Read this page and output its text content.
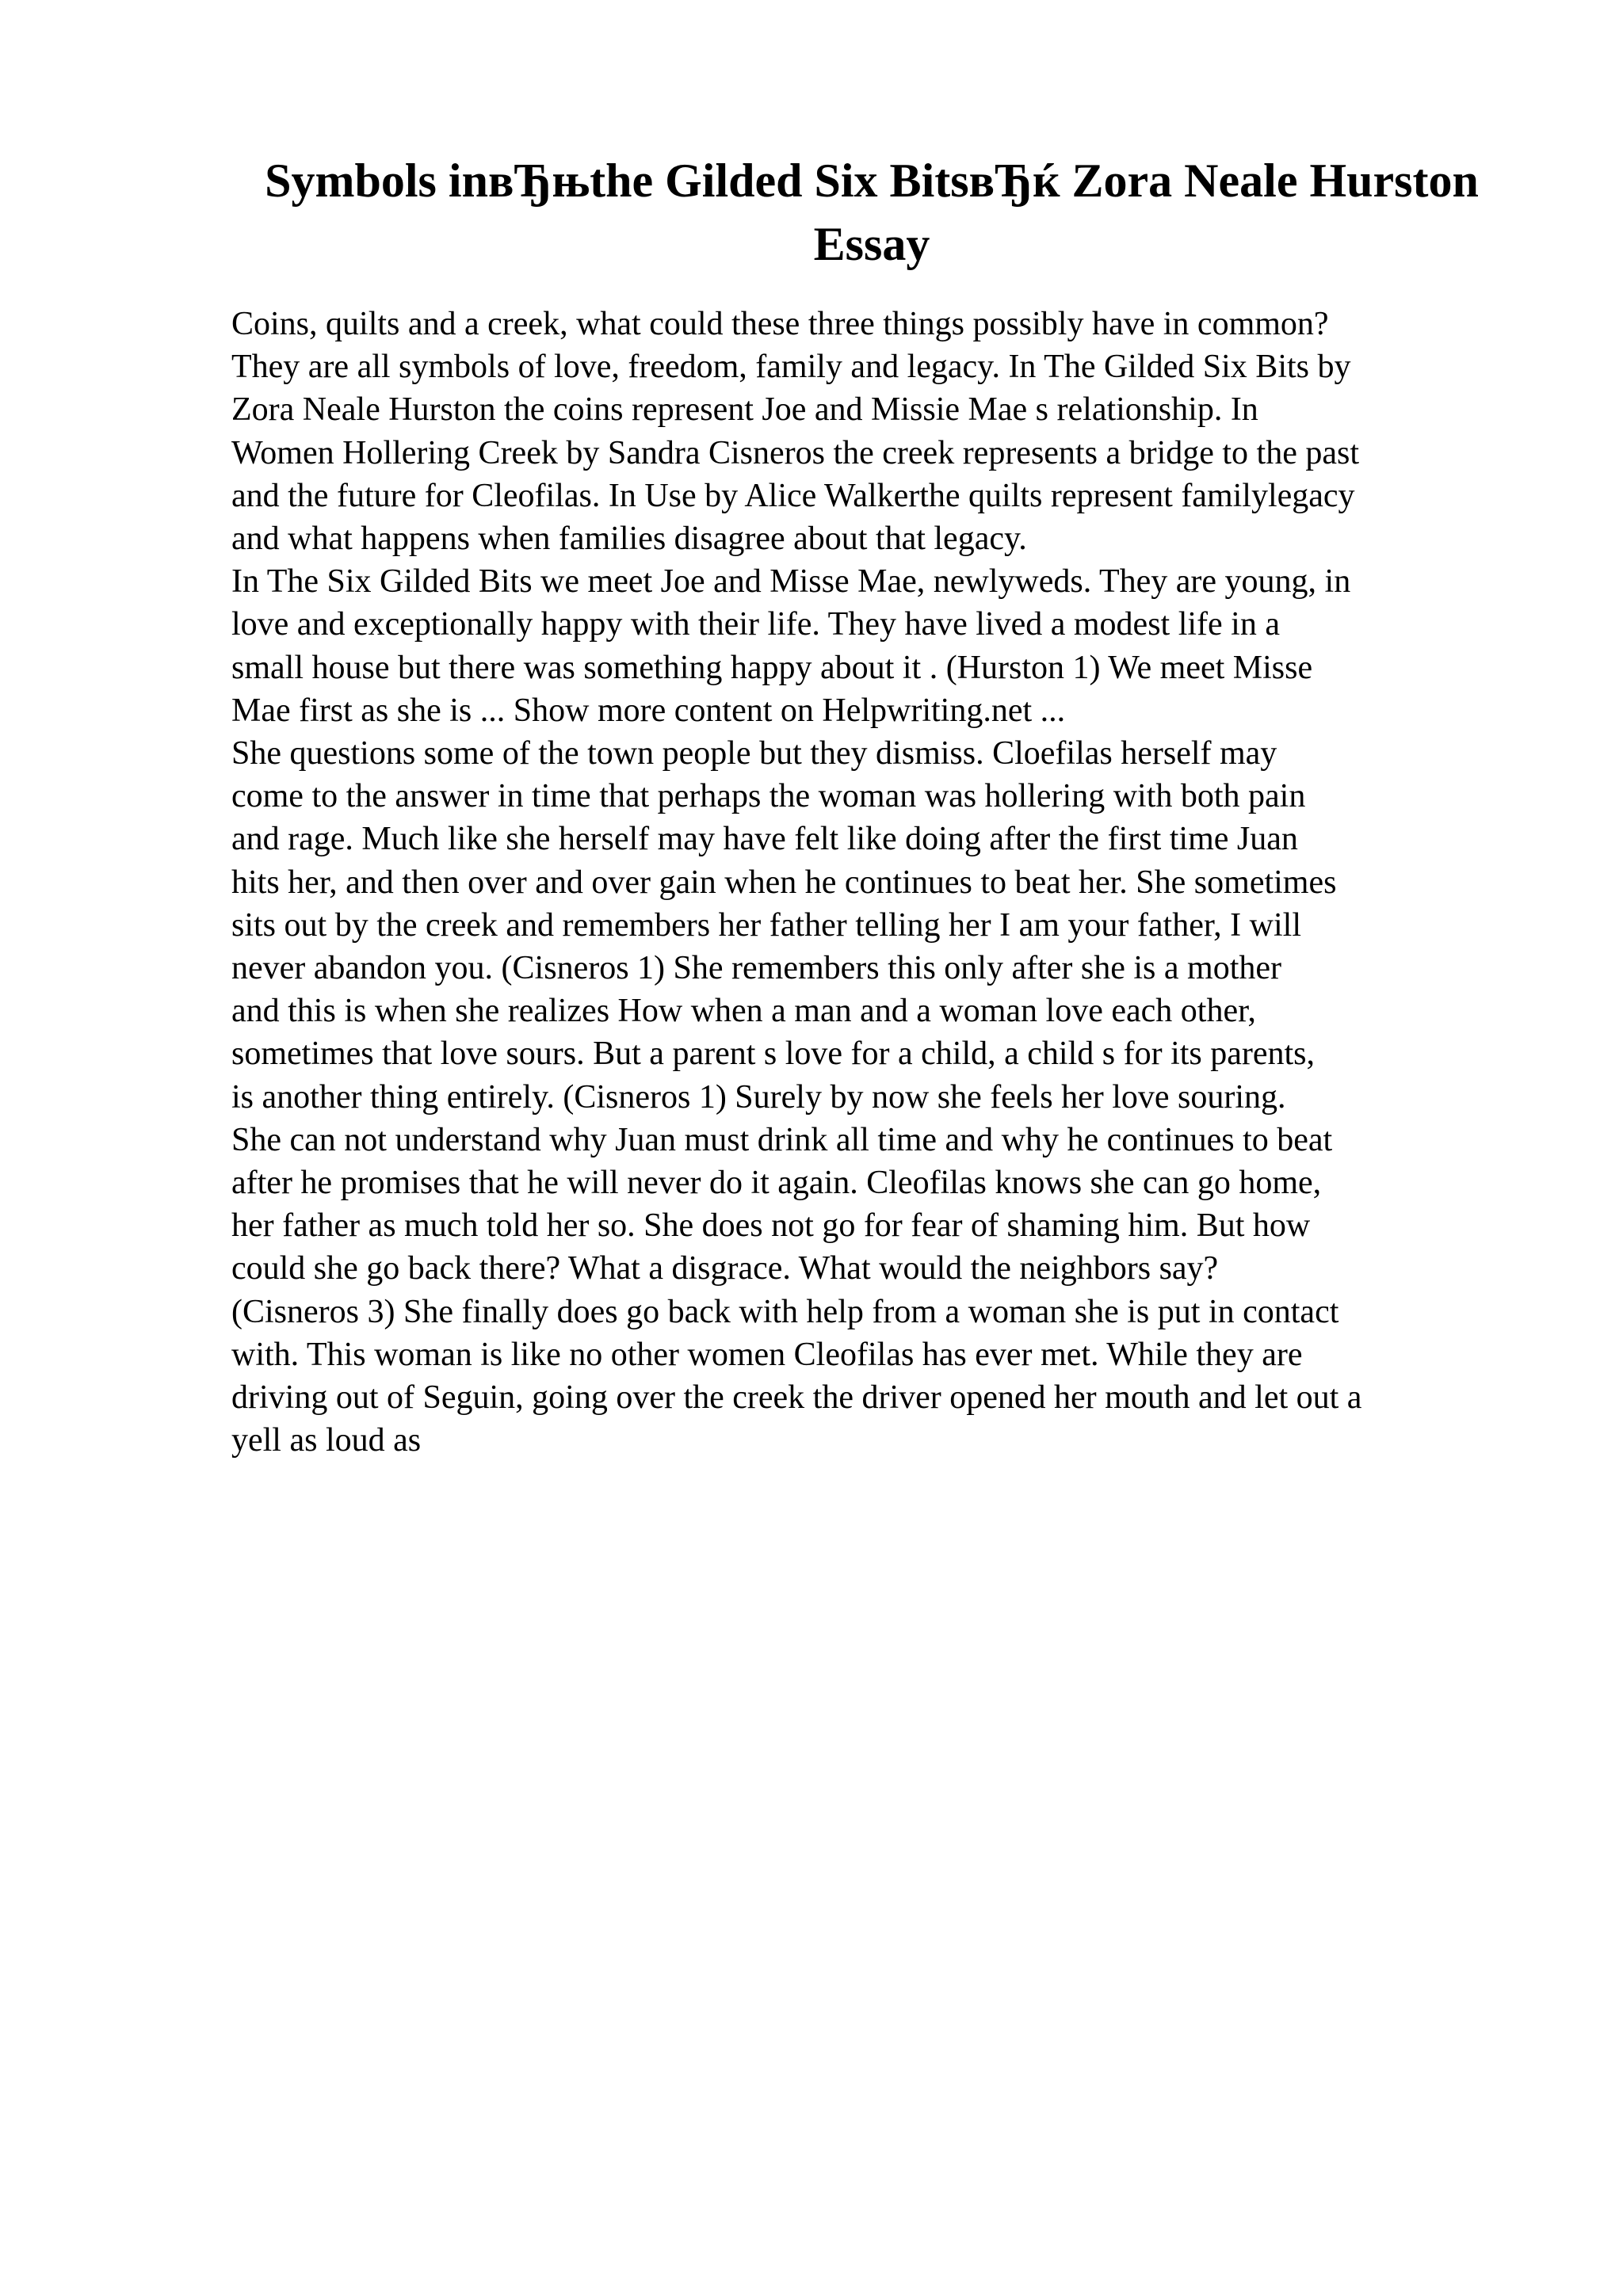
Symbols inвЂњthe Gilded Six BitsвЂќ Zora Neale Hurston
Essay
Coins, quilts and a creek, what could these three things possibly have in common?
They are all symbols of love, freedom, family and legacy. In The Gilded Six Bits by
Zora Neale Hurston the coins represent Joe and Missie Mae s relationship. In
Women Hollering Creek by Sandra Cisneros the creek represents a bridge to the past
and the future for Cleofilas. In Use by Alice Walkerthe quilts represent familylegacy
and what happens when families disagree about that legacy.
In The Six Gilded Bits we meet Joe and Misse Mae, newlyweds. They are young, in
love and exceptionally happy with their life. They have lived a modest life in a
small house but there was something happy about it . (Hurston 1) We meet Misse
Mae first as she is ... Show more content on Helpwriting.net ...
She questions some of the town people but they dismiss. Cloefilas herself may
come to the answer in time that perhaps the woman was hollering with both pain
and rage. Much like she herself may have felt like doing after the first time Juan
hits her, and then over and over gain when he continues to beat her. She sometimes
sits out by the creek and remembers her father telling her I am your father, I will
never abandon you. (Cisneros 1) She remembers this only after she is a mother
and this is when she realizes How when a man and a woman love each other,
sometimes that love sours. But a parent s love for a child, a child s for its parents,
is another thing entirely. (Cisneros 1) Surely by now she feels her love souring.
She can not understand why Juan must drink all time and why he continues to beat
after he promises that he will never do it again. Cleofilas knows she can go home,
her father as much told her so. She does not go for fear of shaming him. But how
could she go back there? What a disgrace. What would the neighbors say?
(Cisneros 3) She finally does go back with help from a woman she is put in contact
with. This woman is like no other women Cleofilas has ever met. While they are
driving out of Seguin, going over the creek the driver opened her mouth and let out a
yell as loud as
